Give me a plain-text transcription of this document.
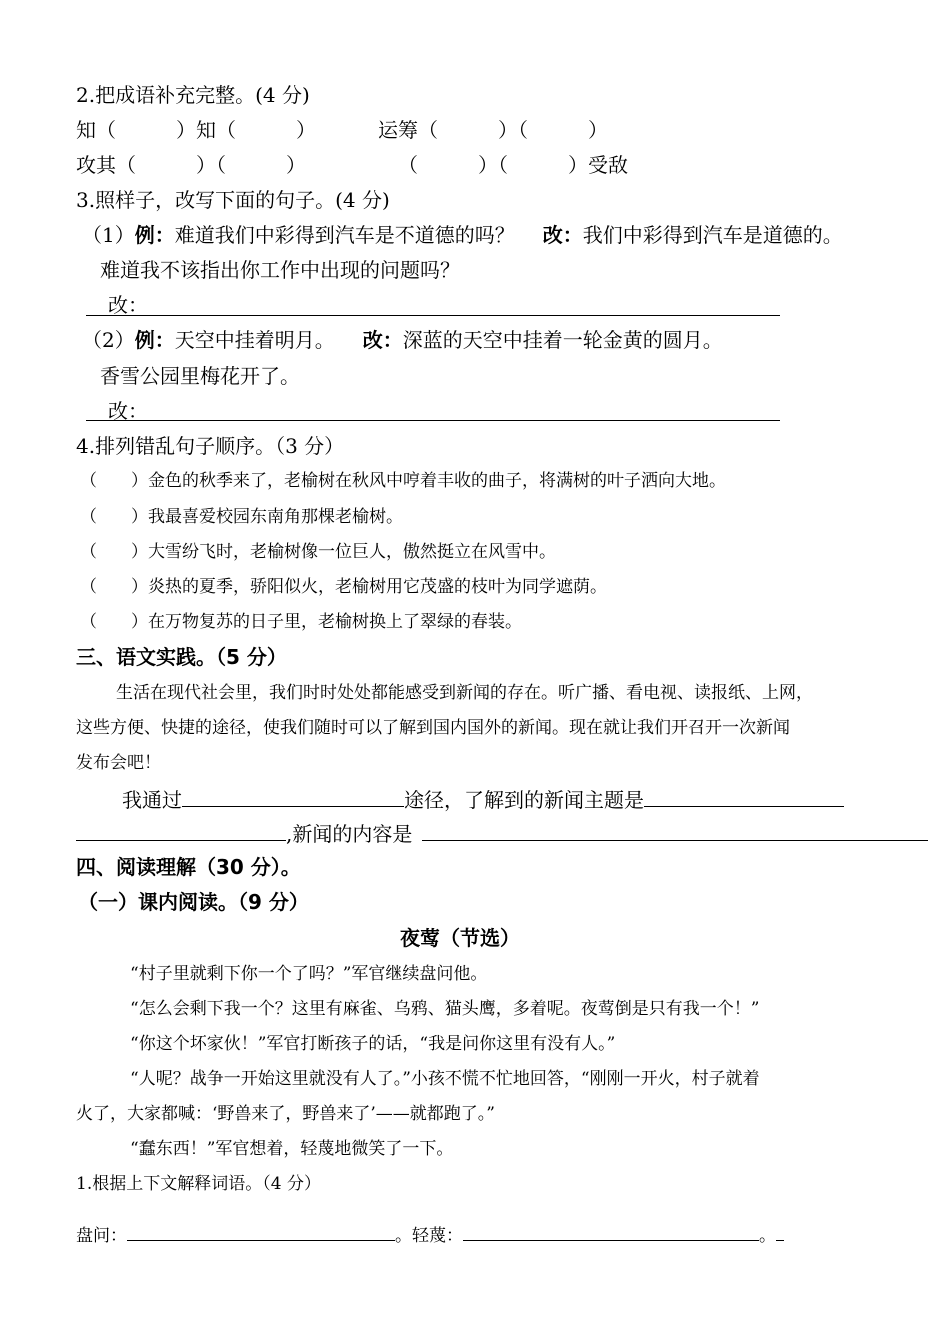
2.把成语补充完整。(4 分)
知（　　　）知（　　　）	运筹（　　　）（　　　）
攻其（　　　）（　　　）	（　　　）（　　　）受敌
3.照样子，改写下面的句子。(4 分)
（1）例：难道我们中彩得到汽车是不道德的吗？ 改：我们中彩得到汽车是道德的。
难道我不该指出你工作中出现的问题吗？
改：
（2）例：天空中挂着明月。 改：深蓝的天空中挂着一轮金黄的圆月。
香雪公园里梅花开了。
改：
4.排列错乱句子顺序。（3 分）
（　　）金色的秋季来了，老榆树在秋风中哼着丰收的曲子，将满树的叶子洒向大地。
（　　）我最喜爱校园东南角那棵老榆树。
（　　）大雪纷飞时，老榆树像一位巨人，傲然挺立在风雪中。
（　　）炎热的夏季，骄阳似火，老榆树用它茂盛的枝叶为同学遮荫。
（　　）在万物复苏的日子里，老榆树换上了翠绿的春装。
三、语文实践。（5 分）
生活在现代社会里，我们时时处处都能感受到新闻的存在。听广播、看电视、读报纸、上网，
这些方便、快捷的途径，使我们随时可以了解到国内国外的新闻。现在就让我们开召开一次新闻
发布会吧！
我通过	途径，了解到的新闻主题是
,新闻的内容是
四、阅读理解（30 分）。
（一）课内阅读。（9 分）
夜莺（节选）
“村子里就剩下你一个了吗？”军官继续盘问他。
“怎么会剩下我一个？这里有麻雀、乌鸦、猫头鹰，多着呢。夜莺倒是只有我一个！”
“你这个坏家伙！”军官打断孩子的话，“我是问你这里有没有人。”
“人呢？战争一开始这里就没有人了。”小孩不慌不忙地回答，“刚刚一开火，村子就着
火了，大家都喊：‘野兽来了，野兽来了’——就都跑了。”
“蠢东西！”军官想着，轻蔑地微笑了一下。
1.根据上下文解释词语。（4 分）
盘问：	。轻蔑：	。
